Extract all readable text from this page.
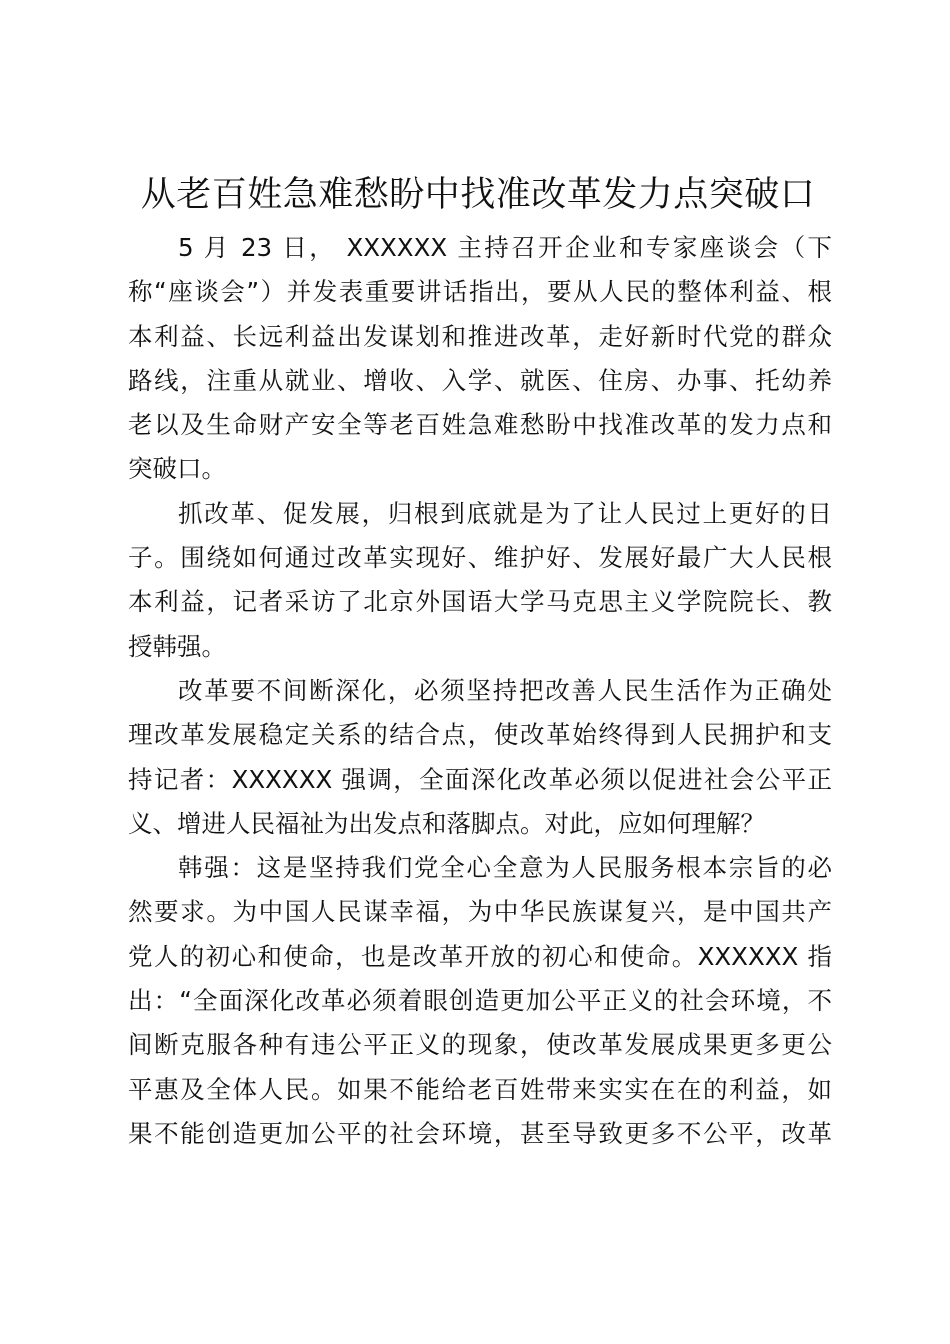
从老百姓急难愁盼中找准改革发力点突破口
5 月 23 日， XXXXXX 主持召开企业和专家座谈会（下
称“座谈会”）并发表重要讲话指出，要从人民的整体利益、根
本利益、长远利益出发谋划和推进改革，走好新时代党的群众
路线，注重从就业、增收、入学、就医、住房、办事、托幼养
老以及生命财产安全等老百姓急难愁盼中找准改革的发力点和
突破口。
抓改革、促发展，归根到底就是为了让人民过上更好的日
子。围绕如何通过改革实现好、维护好、发展好最广大人民根
本利益，记者采访了北京外国语大学马克思主义学院院长、教
授韩强。
改革要不间断深化，必须坚持把改善人民生活作为正确处
理改革发展稳定关系的结合点，使改革始终得到人民拥护和支
持记者：XXXXXX 强调，全面深化改革必须以促进社会公平正
义、增进人民福祉为出发点和落脚点。对此，应如何理解？
韩强：这是坚持我们党全心全意为人民服务根本宗旨的必
然要求。为中国人民谋幸福，为中华民族谋复兴，是中国共产
党人的初心和使命，也是改革开放的初心和使命。XXXXXX 指
出：“全面深化改革必须着眼创造更加公平正义的社会环境，不
间断克服各种有违公平正义的现象，使改革发展成果更多更公
平惠及全体人民。如果不能给老百姓带来实实在在的利益，如
果不能创造更加公平的社会环境，甚至导致更多不公平，改革
